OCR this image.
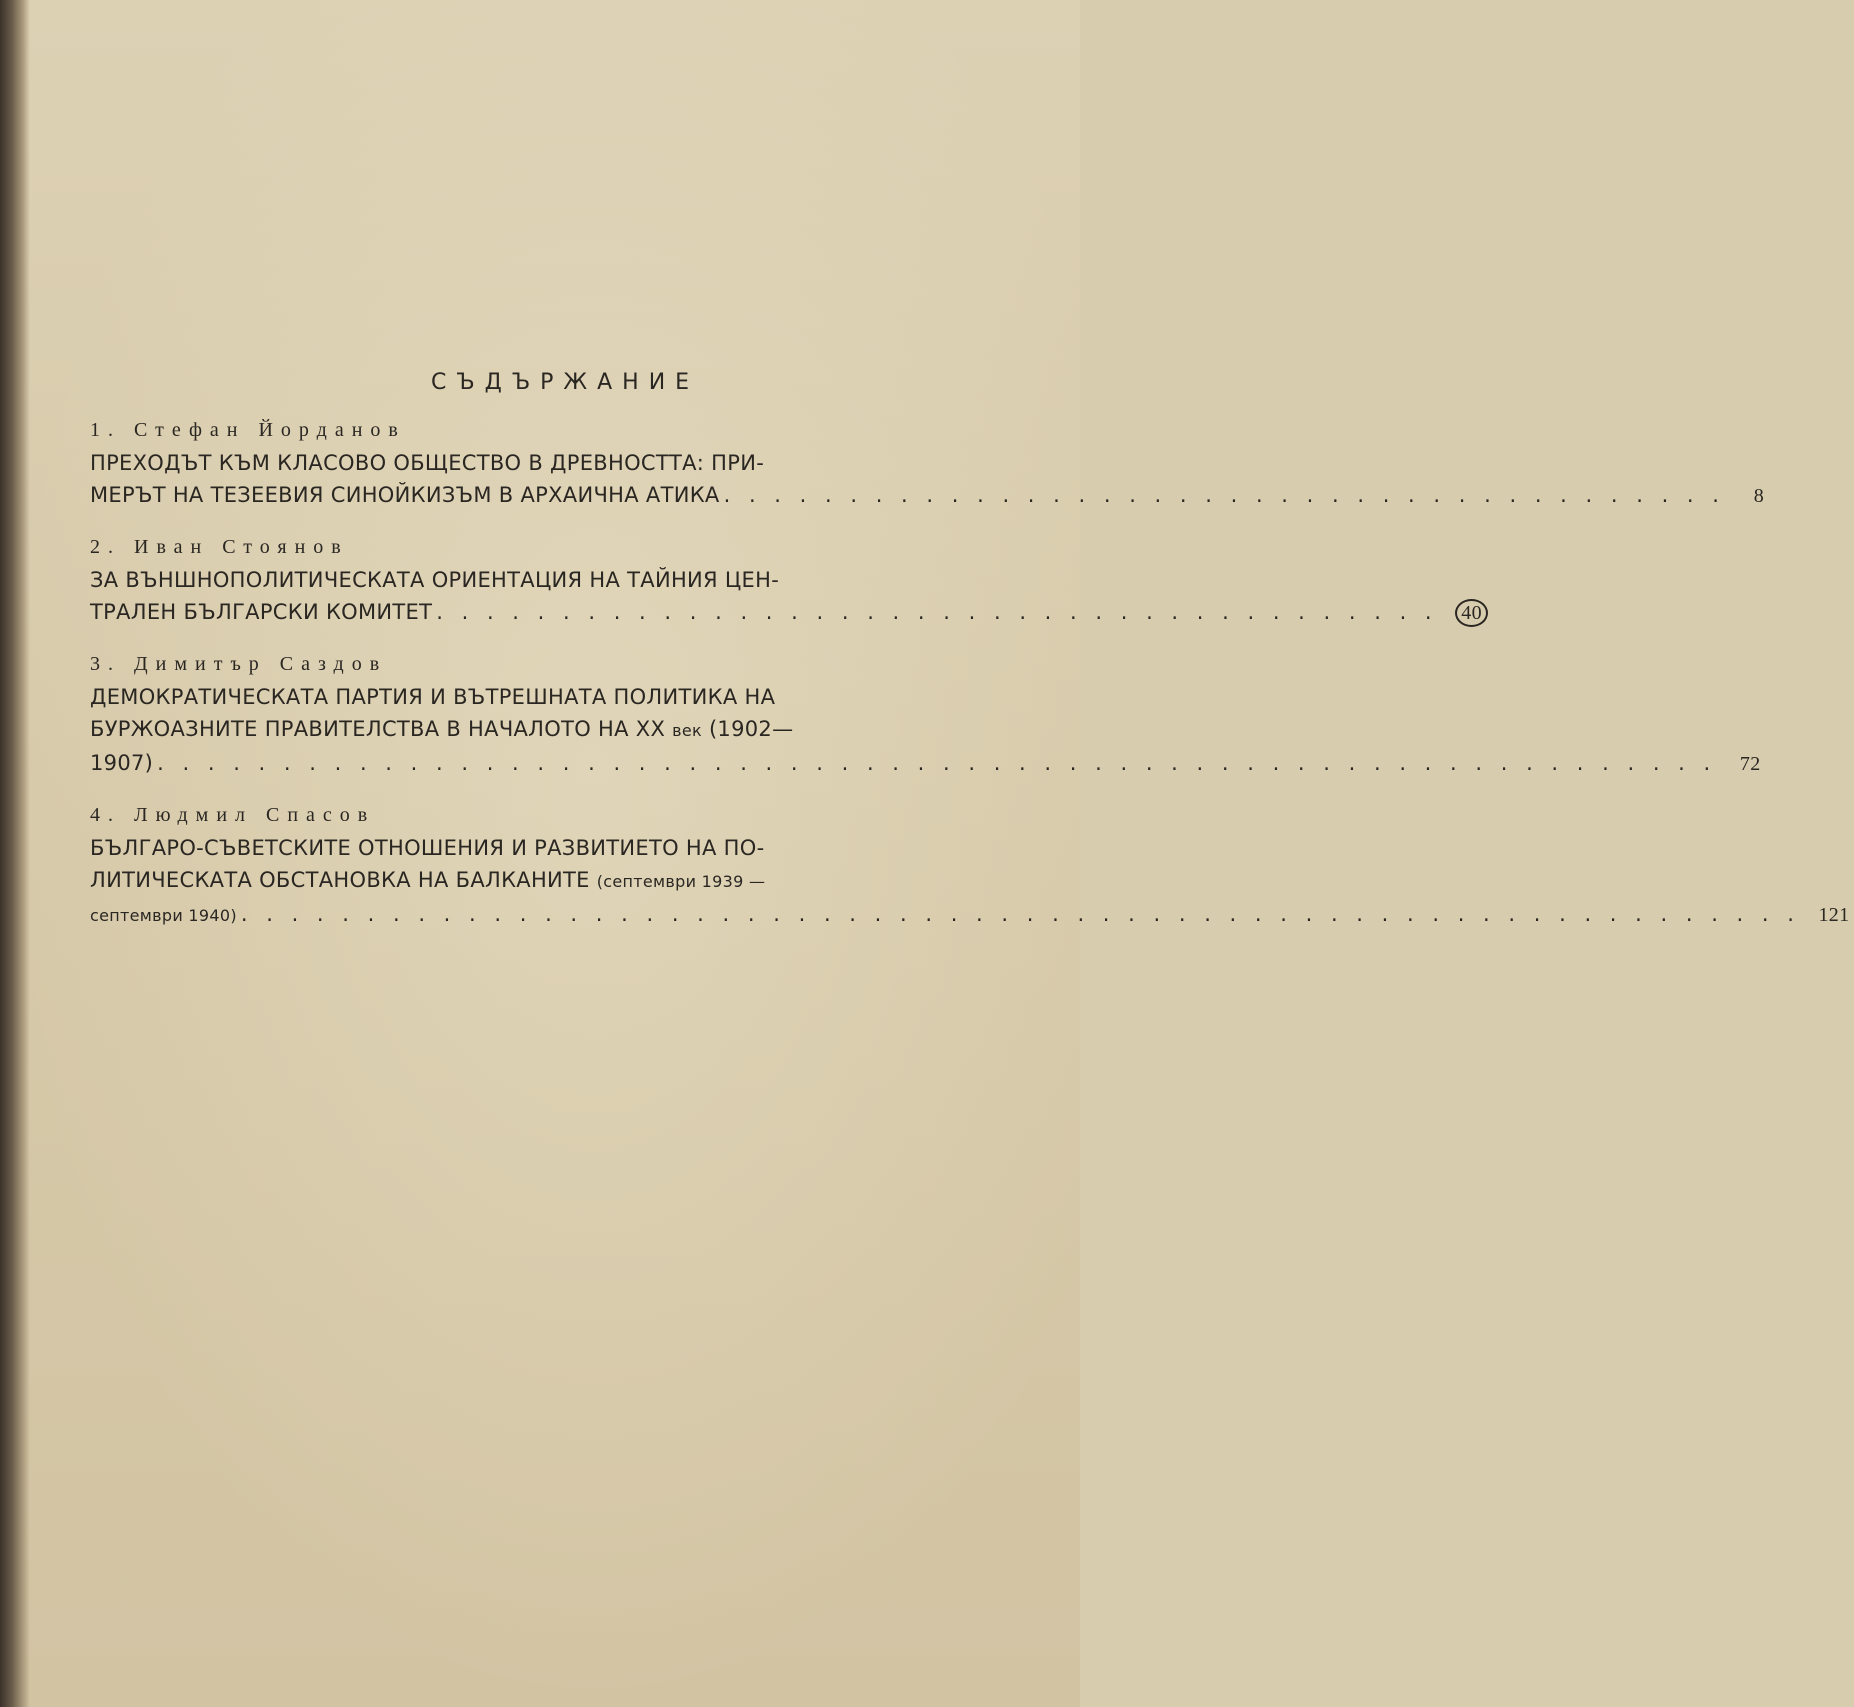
СЪДЪРЖАНИЕ
1. Стефан Йорданов
ПРЕХОДЪТ КЪМ КЛАСОВО ОБЩЕСТВО В ДРЕВНОСТТА: ПРИ-
МЕРЪТ НА ТЕЗЕЕВИЯ СИНОЙКИЗЪМ В АРХАИЧНА АТИКА . . . . . . . . . . . . . . . . . . . . . . . . . . . . . . . . . . . . . . . .	8
2. Иван Стоянов
ЗА ВЪНШНОПОЛИТИЧЕСКАТА ОРИЕНТАЦИЯ НА ТАЙНИЯ ЦЕН-
ТРАЛЕН БЪЛГАРСКИ КОМИТЕТ . . . . . . . . . . . . . . . . . . . . . . . . . . . . . . . . . . . . . . . .	40
3. Димитър Саздов
ДЕМОКРАТИЧЕСКАТА ПАРТИЯ И ВЪТРЕШНАТА ПОЛИТИКА НА
БУРЖОАЗНИТЕ ПРАВИТЕЛСТВА В НАЧАЛОТО НА XX век (1902—
1907) . . . . . . . . . . . . . . . . . . . . . . . . . . . . . . . . . . . . . . . . . . . . . . . . . . . . . . . . . . . . . .	72
4. Людмил Спасов
БЪЛГАРО-СЪВЕТСКИТЕ ОТНОШЕНИЯ И РАЗВИТИЕТО НА ПО-
ЛИТИЧЕСКАТА ОБСТАНОВКА НА БАЛКАНИТЕ (септември 1939 —
септември 1940) . . . . . . . . . . . . . . . . . . . . . . . . . . . . . . . . . . . . . . . . . . . . . . . . . . . . . . . . . . . . . . 121
